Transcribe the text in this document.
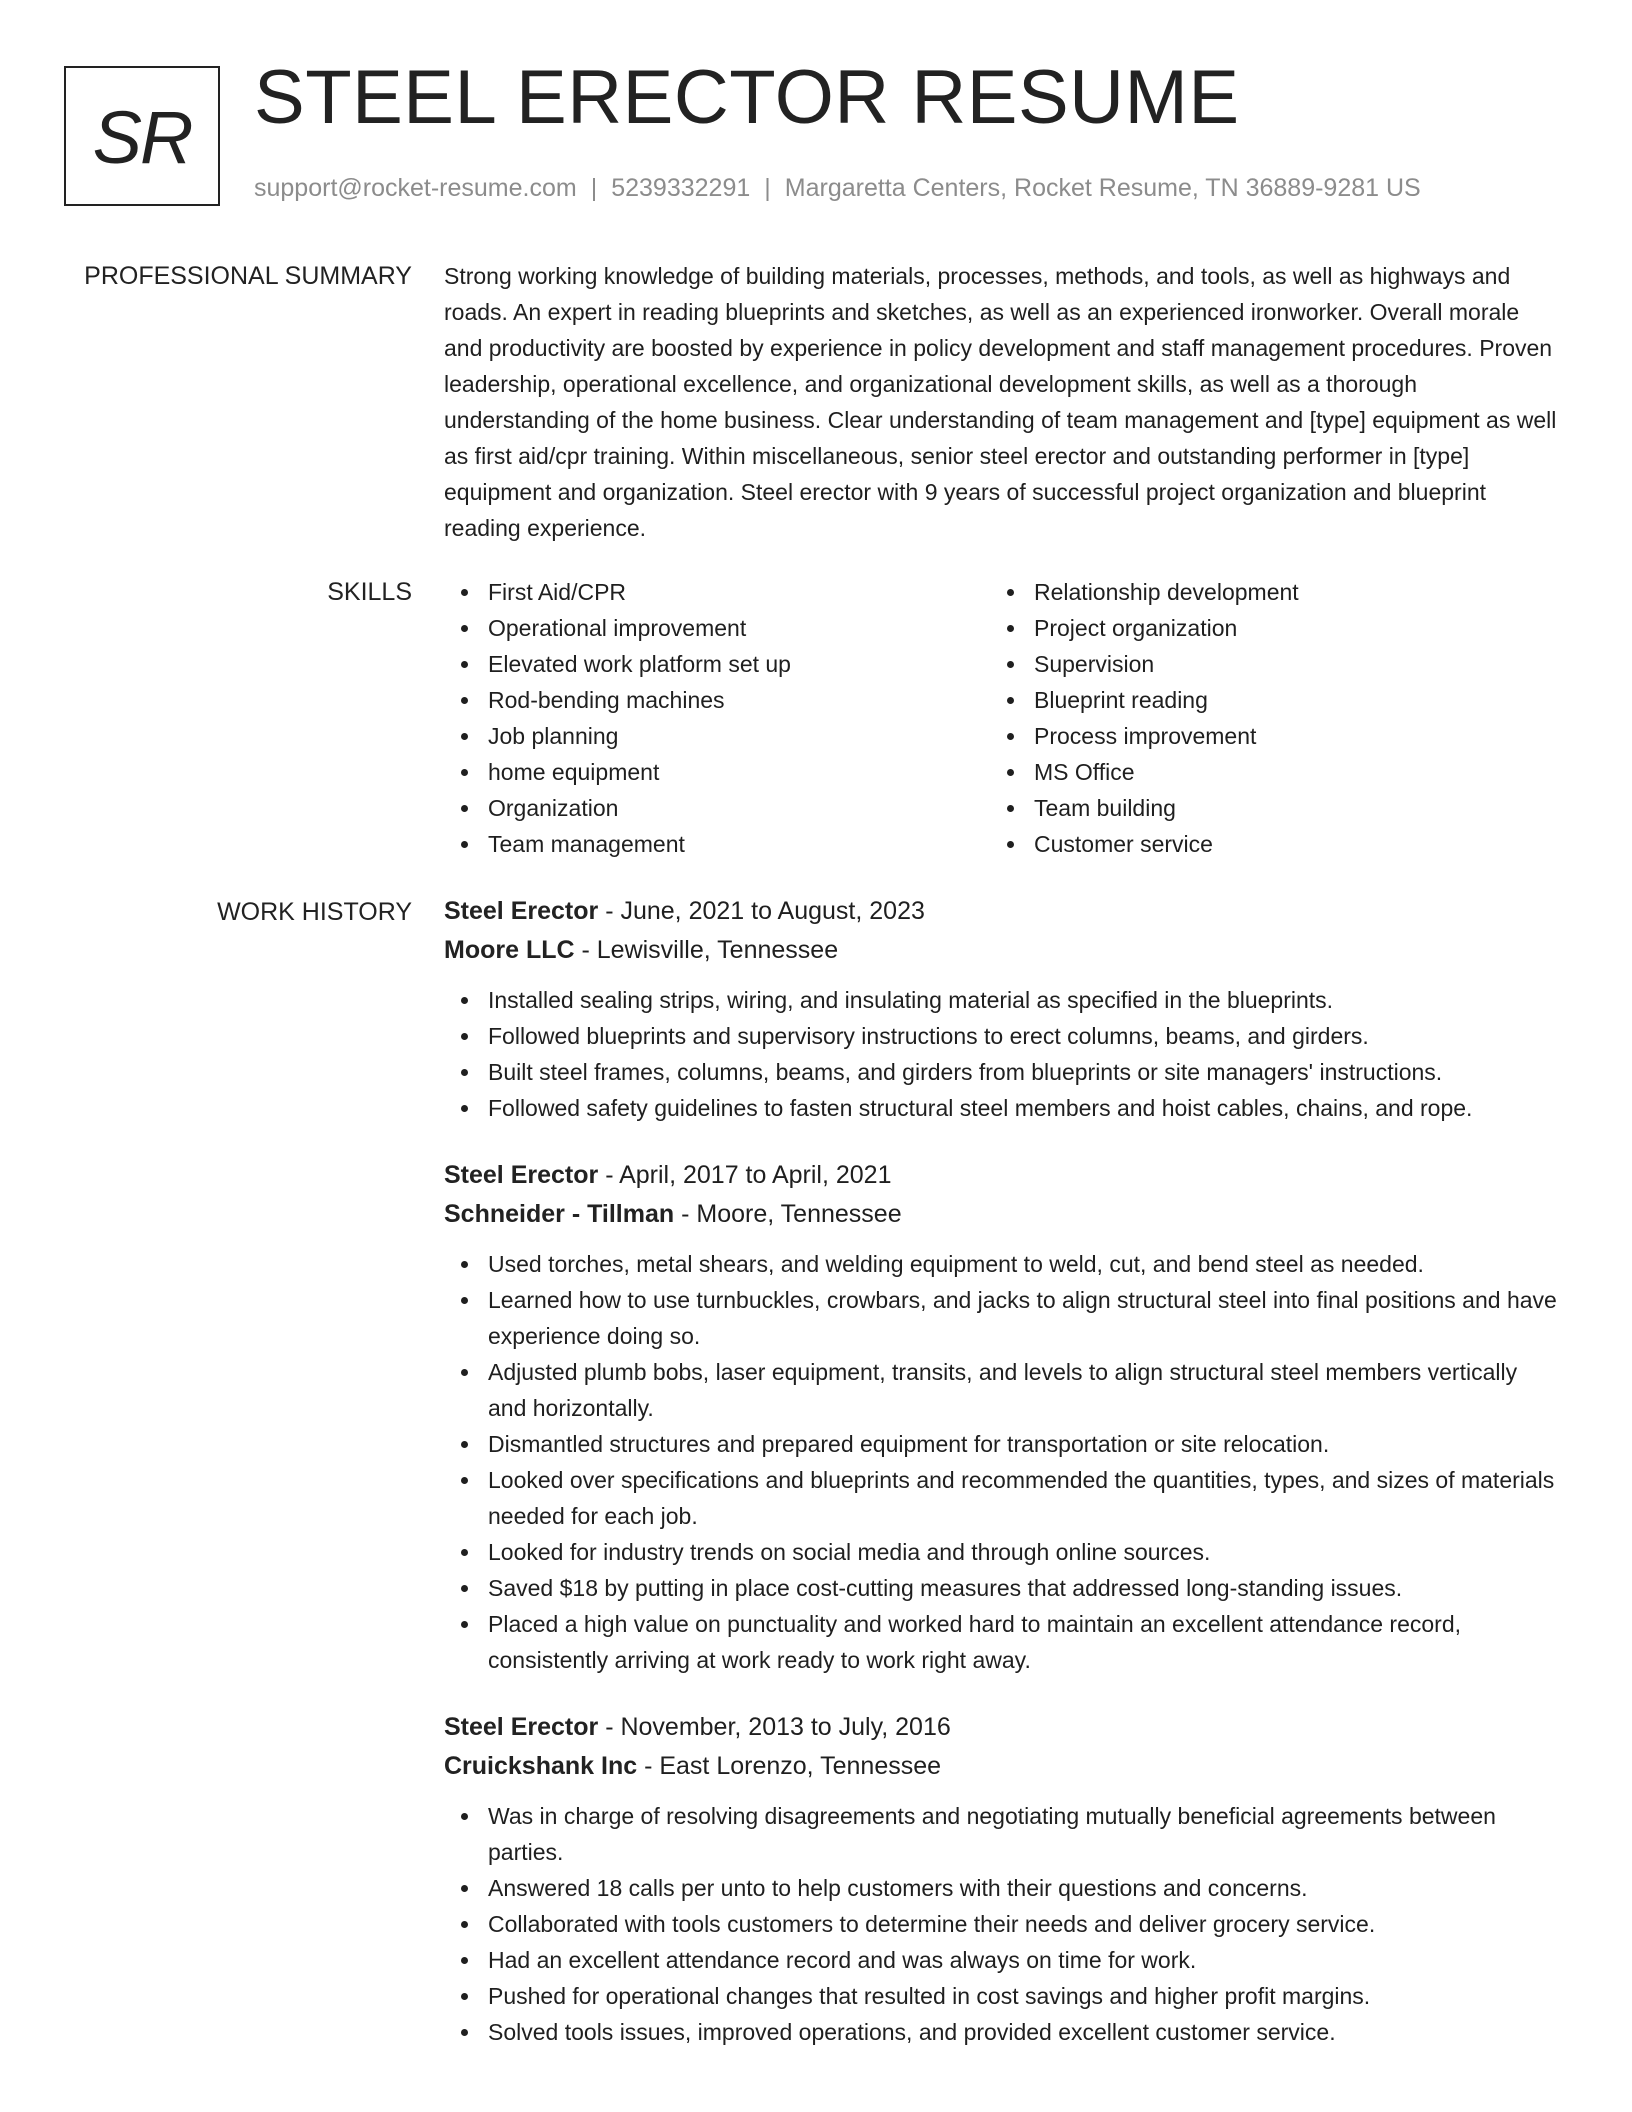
SR STEEL ERECTOR RESUME
support@rocket-resume.com | 5239332291 | Margaretta Centers, Rocket Resume, TN 36889-9281 US
PROFESSIONAL SUMMARY Strong working knowledge of building materials, processes, methods, and tools, as well as highways and roads. An expert in reading blueprints and sketches, as well as an experienced ironworker. Overall morale and productivity are boosted by experience in policy development and staff management procedures. Proven leadership, operational excellence, and organizational development skills, as well as a thorough understanding of the home business. Clear understanding of team management and [type] equipment as well as first aid/cpr training. Within miscellaneous, senior steel erector and outstanding performer in [type] equipment and organization. Steel erector with 9 years of successful project organization and blueprint reading experience.

SKILLS	First Aid/CPR
Operational improvement
Elevated work platform set up
Rod-bending machines
Job planning
home equipment
Organization
Team management
Relationship development
Project organization
Supervision
Blueprint reading
Process improvement
MS Office
Team building
Customer service
WORK HISTORY Steel Erector - June, 2021 to August, 2023
Moore LLC - Lewisville, Tennessee
Installed sealing strips, wiring, and insulating material as specified in the blueprints.
Followed blueprints and supervisory instructions to erect columns, beams, and girders.
Built steel frames, columns, beams, and girders from blueprints or site managers' instructions.
Followed safety guidelines to fasten structural steel members and hoist cables, chains, and rope.
Steel Erector - April, 2017 to April, 2021
Schneider - Tillman - Moore, Tennessee
Used torches, metal shears, and welding equipment to weld, cut, and bend steel as needed.
Learned how to use turnbuckles, crowbars, and jacks to align structural steel into final positions and have experience doing so.
Adjusted plumb bobs, laser equipment, transits, and levels to align structural steel members vertically and horizontally.
Dismantled structures and prepared equipment for transportation or site relocation.
Looked over specifications and blueprints and recommended the quantities, types, and sizes of materials needed for each job.
Looked for industry trends on social media and through online sources.
Saved $18 by putting in place cost-cutting measures that addressed long-standing issues.
Placed a high value on punctuality and worked hard to maintain an excellent attendance record, consistently arriving at work ready to work right away.
Steel Erector - November, 2013 to July, 2016
Cruickshank Inc - East Lorenzo, Tennessee
Was in charge of resolving disagreements and negotiating mutually beneficial agreements between parties.
Answered 18 calls per unto to help customers with their questions and concerns.
Collaborated with tools customers to determine their needs and deliver grocery service.
Had an excellent attendance record and was always on time for work.
Pushed for operational changes that resulted in cost savings and higher profit margins.
Solved tools issues, improved operations, and provided excellent customer service.
